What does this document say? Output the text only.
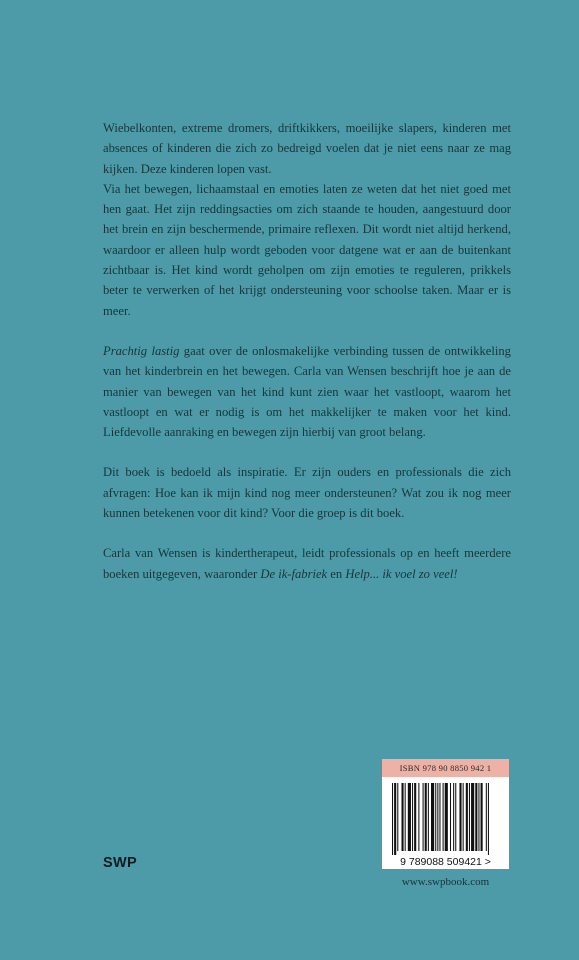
Wiebelkonten, extreme dromers, driftkikkers, moeilijke slapers, kinderen met absences of kinderen die zich zo bedreigd voelen dat je niet eens naar ze mag kijken. Deze kinderen lopen vast.

Via het bewegen, lichaamstaal en emoties laten ze weten dat het niet goed met hen gaat. Het zijn reddingsacties om zich staande te houden, aangestuurd door het brein en zijn beschermende, primaire reflexen. Dit wordt niet altijd herkend, waardoor er alleen hulp wordt geboden voor datgene wat er aan de buitenkant zichtbaar is. Het kind wordt geholpen om zijn emoties te reguleren, prikkels beter te verwerken of het krijgt ondersteuning voor schoolse taken. Maar er is meer.

Prachtig lastig gaat over de onlosmakelijke verbinding tussen de ontwikkeling van het kinderbrein en het bewegen. Carla van Wensen beschrijft hoe je aan de manier van bewegen van het kind kunt zien waar het vastloopt, waarom het vastloopt en wat er nodig is om het makkelijker te maken voor het kind. Liefdevolle aanraking en bewegen zijn hierbij van groot belang.

Dit boek is bedoeld als inspiratie. Er zijn ouders en professionals die zich afvragen: Hoe kan ik mijn kind nog meer ondersteunen? Wat zou ik nog meer kunnen betekenen voor dit kind? Voor die groep is dit boek.

Carla van Wensen is kindertherapeut, leidt professionals op en heeft meerdere boeken uitgegeven, waaronder De ik-fabriek en Help... ik voel zo veel!

SWP
ISBN 978 90 8850 942 1
9 789088 509421 >
www.swpbook.com
